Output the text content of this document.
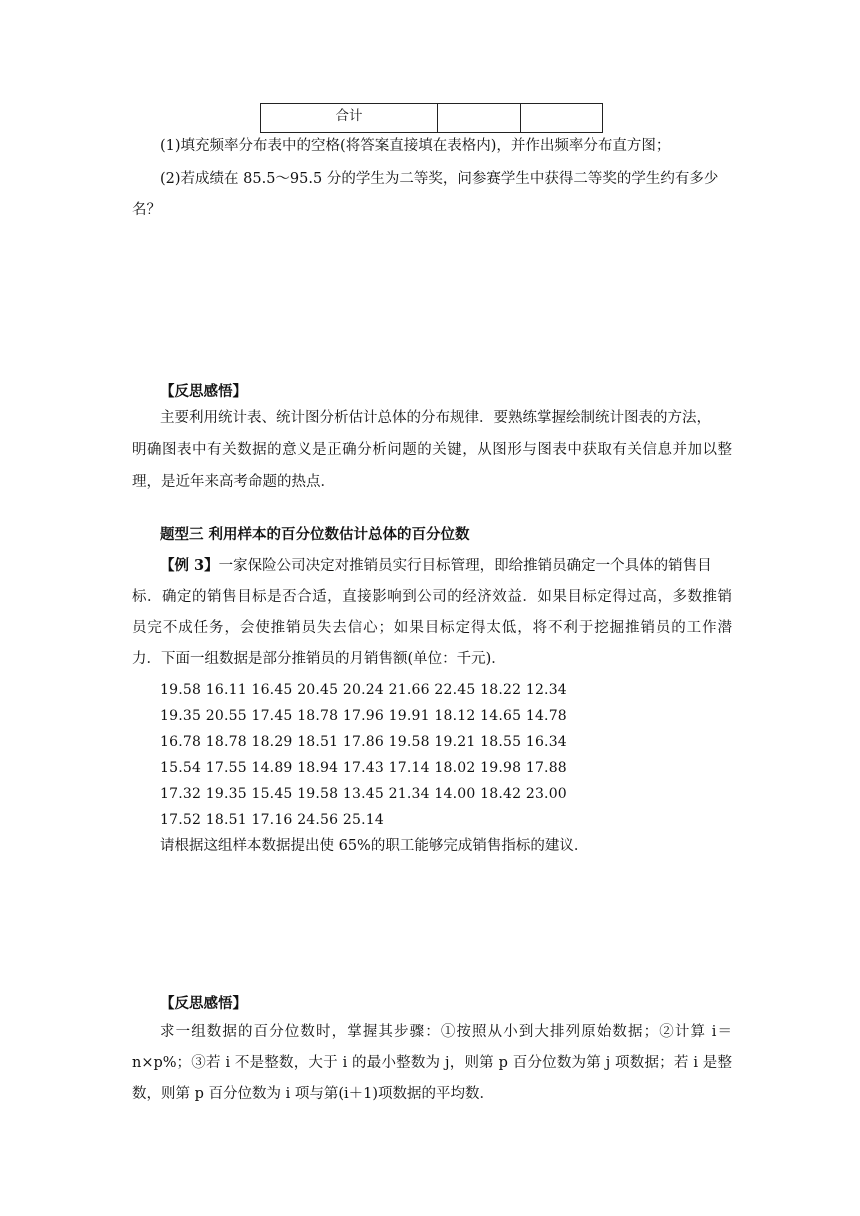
合计		
(1)填充频率分布表中的空格(将答案直接填在表格内)，并作出频率分布直方图；
(2)若成绩在 85.5～95.5 分的学生为二等奖，问参赛学生中获得二等奖的学生约有多少
名？
【反思感悟】
主要利用统计表、统计图分析估计总体的分布规律．要熟练掌握绘制统计图表的方法，
明确图表中有关数据的意义是正确分析问题的关键，从图形与图表中获取有关信息并加以整
理，是近年来高考命题的热点．
题型三 利用样本的百分位数估计总体的百分位数
【例 3】一家保险公司决定对推销员实行目标管理，即给推销员确定一个具体的销售目
标．确定的销售目标是否合适，直接影响到公司的经济效益．如果目标定得过高，多数推销
员完不成任务，会使推销员失去信心；如果目标定得太低，将不利于挖掘推销员的工作潜
力．下面一组数据是部分推销员的月销售额(单位：千元)．
19.58 16.11 16.45 20.45 20.24 21.66 22.45 18.22 12.34
19.35 20.55 17.45 18.78 17.96 19.91 18.12 14.65 14.78
16.78 18.78 18.29 18.51 17.86 19.58 19.21 18.55 16.34
15.54 17.55 14.89 18.94 17.43 17.14 18.02 19.98 17.88
17.32 19.35 15.45 19.58 13.45 21.34 14.00 18.42 23.00
17.52 18.51 17.16 24.56 25.14
请根据这组样本数据提出使 65%的职工能够完成销售指标的建议．
【反思感悟】
求一组数据的百分位数时，掌握其步骤：①按照从小到大排列原始数据；②计算 i＝
n×p%；③若 i 不是整数，大于 i 的最小整数为 j，则第 p 百分位数为第 j 项数据；若 i 是整
数，则第 p 百分位数为 i 项与第(i＋1)项数据的平均数．
